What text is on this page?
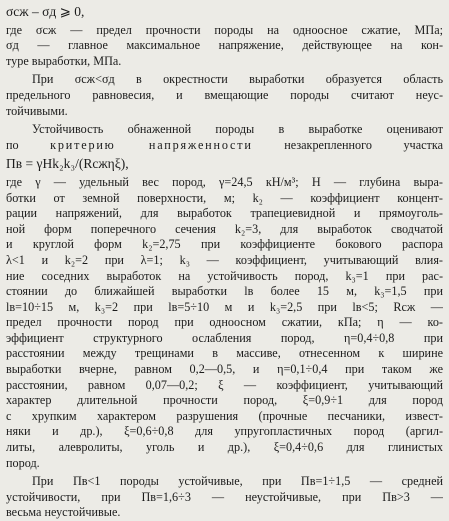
σсж – σд ⩾ 0,
где σсж — предел прочности породы на одноосное сжатие, МПа;
σд — главное максимальное напряжение, действующее на кон-
туре выработки, МПа.
При σсж<σд в окрестности выработки образуется область
предельного равновесия, и вмещающие породы считают неус-
тойчивыми.
Устойчивость обнаженной породы в выработке оценивают
по критерию напряженности незакрепленного участка
Пв = γHk₂k₃/(Rсжηξ),
где γ — удельный вес пород, γ=24,5 кН/м³; H — глубина выра-
ботки от земной поверхности, м; k₂ — коэффициент концент-
рации напряжений, для выработок трапециевидной и прямоуголь-
ной форм поперечного сечения k₂=3, для выработок сводчатой
и круглой форм k₂=2,75 при коэффициенте бокового распора
λ<1 и k₂=2 при λ=1; k₃ — коэффициент, учитывающий влия-
ние соседних выработок на устойчивость пород, k₃=1 при рас-
стоянии до ближайшей выработки lв более 15 м, k₃=1,5 при
lв=10÷15 м, k₃=2 при lв=5÷10 м и k₃=2,5 при lв<5; Rсж —
предел прочности пород при одноосном сжатии, кПа; η — ко-
эффициент структурного ослабления пород, η=0,4÷0,8 при
расстоянии между трещинами в массиве, отнесенном к ширине
выработки вчерне, равном 0,2—0,5, и η=0,1÷0,4 при таком же
расстоянии, равном 0,07—0,2; ξ — коэффициент, учитывающий
характер длительной прочности пород, ξ=0,9÷1 для пород
с хрупким характером разрушения (прочные песчаники, извест-
няки и др.), ξ=0,6÷0,8 для упругопластичных пород (аргил-
литы, алевролиты, уголь и др.), ξ=0,4÷0,6 для глинистых
пород.
При Пв<1 породы устойчивые, при Пв=1÷1,5 — средней
устойчивости, при Пв=1,6÷3 — неустойчивые, при Пв>3 —
весьма неустойчивые.
